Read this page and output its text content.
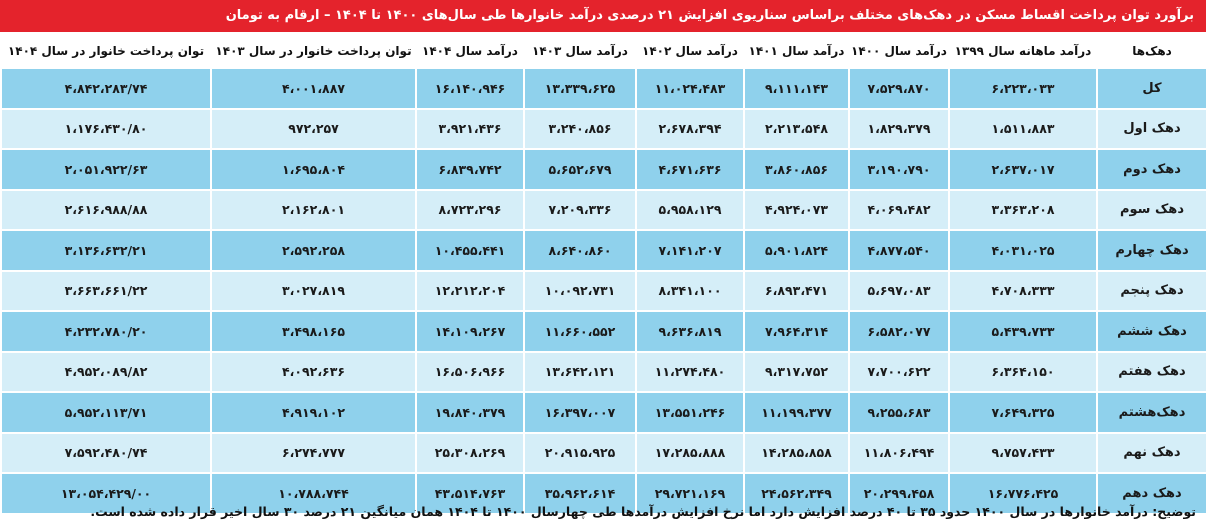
برآورد توان پرداخت اقساط مسکن در دهک‌های مختلف براساس سناریوی افزایش ۲۱ درصدی درآمد خانوارها طی سال‌های ۱۴۰۰ تا ۱۴۰۴ – ارقام به تومان
دهک‌ها	درآمد ماهانه سال ۱۳۹۹	درآمد سال ۱۴۰۰	درآمد سال ۱۴۰۱	درآمد سال ۱۴۰۲	درآمد سال ۱۴۰۳	درآمد سال ۱۴۰۴	توان پرداخت خانوار در سال ۱۴۰۳	توان پرداخت خانوار در سال ۱۴۰۴
کل	۶،۲۲۳،۰۳۳	۷،۵۲۹،۸۷۰	۹،۱۱۱،۱۴۳	۱۱،۰۲۴،۴۸۳	۱۳،۳۳۹،۶۲۵	۱۶،۱۴۰،۹۴۶	۴،۰۰۱،۸۸۷	۴،۸۴۲،۲۸۳/۷۴
دهک اول	۱،۵۱۱،۸۸۳	۱،۸۲۹،۳۷۹	۲،۲۱۳،۵۴۸	۲،۶۷۸،۳۹۴	۳،۲۴۰،۸۵۶	۳،۹۲۱،۴۳۶	۹۷۲،۲۵۷	۱،۱۷۶،۴۳۰/۸۰
دهک دوم	۲،۶۳۷،۰۱۷	۳،۱۹۰،۷۹۰	۳،۸۶۰،۸۵۶	۴،۶۷۱،۶۳۶	۵،۶۵۲،۶۷۹	۶،۸۳۹،۷۴۲	۱،۶۹۵،۸۰۴	۲،۰۵۱،۹۲۲/۶۳
دهک سوم	۳،۳۶۳،۲۰۸	۴،۰۶۹،۴۸۲	۴،۹۲۴،۰۷۳	۵،۹۵۸،۱۲۹	۷،۲۰۹،۳۳۶	۸،۷۲۳،۲۹۶	۲،۱۶۲،۸۰۱	۲،۶۱۶،۹۸۸/۸۸
دهک چهارم	۴،۰۳۱،۰۲۵	۴،۸۷۷،۵۴۰	۵،۹۰۱،۸۲۴	۷،۱۴۱،۲۰۷	۸،۶۴۰،۸۶۰	۱۰،۴۵۵،۴۴۱	۲،۵۹۲،۲۵۸	۳،۱۳۶،۶۳۲/۲۱
دهک پنجم	۴،۷۰۸،۳۳۳	۵،۶۹۷،۰۸۳	۶،۸۹۳،۴۷۱	۸،۳۴۱،۱۰۰	۱۰،۰۹۲،۷۳۱	۱۲،۲۱۲،۲۰۴	۳،۰۲۷،۸۱۹	۳،۶۶۳،۶۶۱/۲۲
دهک ششم	۵،۴۳۹،۷۳۳	۶،۵۸۲،۰۷۷	۷،۹۶۴،۳۱۴	۹،۶۳۶،۸۱۹	۱۱،۶۶۰،۵۵۲	۱۴،۱۰۹،۲۶۷	۳،۴۹۸،۱۶۵	۴،۲۳۲،۷۸۰/۲۰
دهک هفتم	۶،۳۶۴،۱۵۰	۷،۷۰۰،۶۲۲	۹،۳۱۷،۷۵۲	۱۱،۲۷۴،۴۸۰	۱۳،۶۴۲،۱۲۱	۱۶،۵۰۶،۹۶۶	۴،۰۹۲،۶۳۶	۴،۹۵۲،۰۸۹/۸۲
دهک‌هشتم	۷،۶۴۹،۳۲۵	۹،۲۵۵،۶۸۳	۱۱،۱۹۹،۳۷۷	۱۳،۵۵۱،۲۴۶	۱۶،۳۹۷،۰۰۷	۱۹،۸۴۰،۳۷۹	۴،۹۱۹،۱۰۲	۵،۹۵۲،۱۱۳/۷۱
دهک نهم	۹،۷۵۷،۴۳۳	۱۱،۸۰۶،۴۹۴	۱۴،۲۸۵،۸۵۸	۱۷،۲۸۵،۸۸۸	۲۰،۹۱۵،۹۲۵	۲۵،۳۰۸،۲۶۹	۶،۲۷۴،۷۷۷	۷،۵۹۲،۴۸۰/۷۴
دهک دهم	۱۶،۷۷۶،۴۲۵	۲۰،۲۹۹،۴۵۸	۲۴،۵۶۲،۳۴۹	۲۹،۷۲۱،۱۶۹	۳۵،۹۶۲،۶۱۴	۴۳،۵۱۴،۷۶۳	۱۰،۷۸۸،۷۴۴	۱۳،۰۵۴،۴۲۹/۰۰
توضیح: درآمد خانوارها در سال ۱۴۰۰ حدود ۳۵ تا ۴۰ درصد افزایش دارد اما نرخ افزایش درآمدها طی چهارسال ۱۴۰۰ تا ۱۴۰۴ همان میانگین ۲۱ درصد ۳۰ سال اخیر قرار داده شده است.
